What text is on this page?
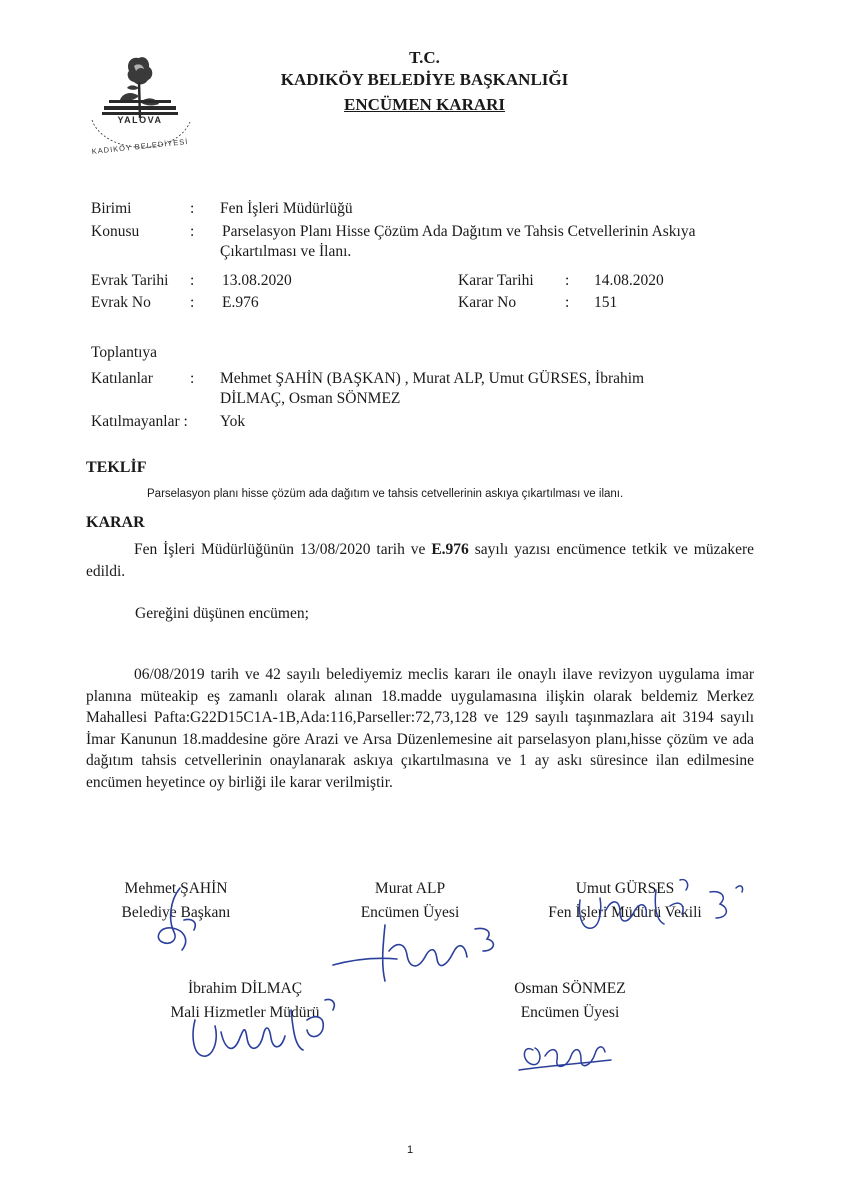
YALOVA
KADIKÖY BELEDİYESİ
T.C.
KADIKÖY BELEDİYE BAŞKANLIĞI
ENCÜMEN KARARI
Birimi	: Fen İşleri Müdürlüğü
Konusu	: Parselasyon Planı Hisse Çözüm Ada Dağıtım ve Tahsis Cetvellerinin Askıya
Çıkartılması ve İlanı.
Evrak Tarihi : 13.08.2020	Karar Tarihi : 14.08.2020
Evrak No	: E.976	Karar No	: 151
Toplantıya
Katılanlar : Mehmet ŞAHİN (BAŞKAN) , Murat ALP, Umut GÜRSES, İbrahim
DİLMAÇ, Osman SÖNMEZ
Katılmayanlar : Yok
TEKLİF
Parselasyon planı hisse çözüm ada dağıtım ve tahsis cetvellerinin askıya çıkartılması ve ilanı.
KARAR
Fen İşleri Müdürlüğünün 13/08/2020 tarih ve E.976 sayılı yazısı encümence tetkik ve müzakere edildi.
Gereğini düşünen encümen;
06/08/2019 tarih ve 42 sayılı belediyemiz meclis kararı ile onaylı ilave revizyon uygulama imar planına müteakip eş zamanlı olarak alınan 18.madde uygulamasına ilişkin olarak beldemiz Merkez Mahallesi Pafta:G22D15C1A-1B,Ada:116,Parseller:72,73,128 ve 129 sayılı taşınmazlara ait 3194 sayılı İmar Kanunun 18.maddesine göre Arazi ve Arsa Düzenlemesine ait parselasyon planı,hisse çözüm ve ada dağıtım tahsis cetvellerinin onaylanarak askıya çıkartılmasına ve 1 ay askı süresince ilan edilmesine encümen heyetince oy birliği ile karar verilmiştir.
Mehmet ŞAHİN
Belediye Başkanı
Murat ALP
Encümen Üyesi
Umut GÜRSES
Fen İşleri Müdürü Vekili
İbrahim DİLMAÇ
Mali Hizmetler Müdürü
Osman SÖNMEZ
Encümen Üyesi
1
